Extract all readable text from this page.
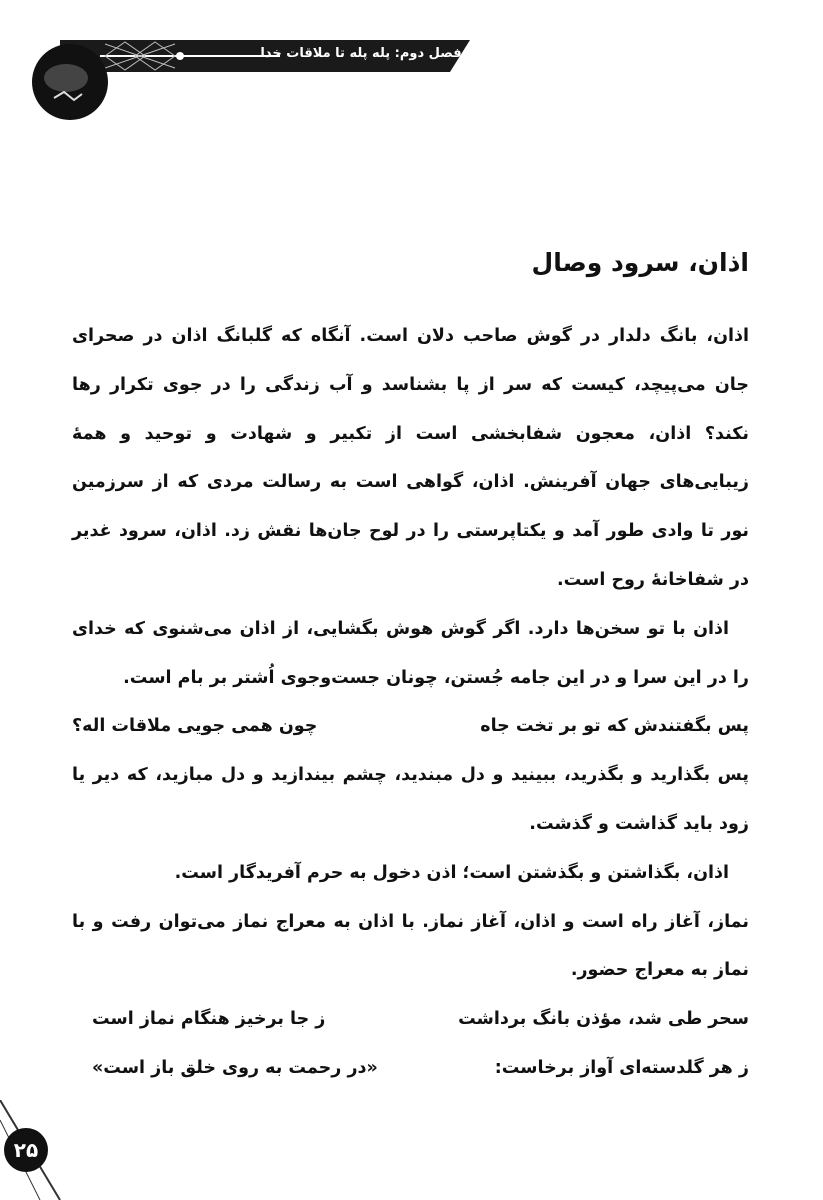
فصل دوم: پله پله تا ملاقات خدا
اذان، سرود وصال

اذان، بانگ دلدار در گوش صاحب دلان است. آنگاه که گلبانگ اذان در صحرای جان می‌پیچد، کیست که سر از پا بشناسد و آب زندگی را در جوی تکرار رها نکند؟ اذان، معجون شفابخشی است از تکبیر و شهادت و توحید و همهٔ زیبایی‌های جهان آفرینش. اذان، گواهی است به رسالت مردی که از سرزمین نور تا وادی طور آمد و یکتاپرستی را در لوح جان‌ها نقش زد. اذان، سرود غدیر در شفاخانهٔ روح است.

اذان با تو سخن‌ها دارد. اگر گوش هوش بگشایی، از اذان می‌شنوی که خدای را در این سرا و در این جامه جُستن، چونان جست‌وجوی اُشتر بر بام است.

پس بگفتندش که تو بر تخت جاه
چون همی جویی ملاقات اله؟

پس بگذارید و بگذرید، ببینید و دل مبندید، چشم بیندازید و دل مبازید، که دیر یا زود باید گذاشت و گذشت.

اذان، بگذاشتن و بگذشتن است؛ اذن دخول به حرم آفریدگار است.

نماز، آغاز راه است و اذان، آغاز نماز. با اذان به معراج نماز می‌توان رفت و با نماز به معراج حضور.

سحر طی شد، مؤذن بانگ برداشت
ز جا برخیز هنگام نماز است
ز هر گلدسته‌ای آواز برخاست:
«در رحمت به روی خلق باز است»
۲۵
